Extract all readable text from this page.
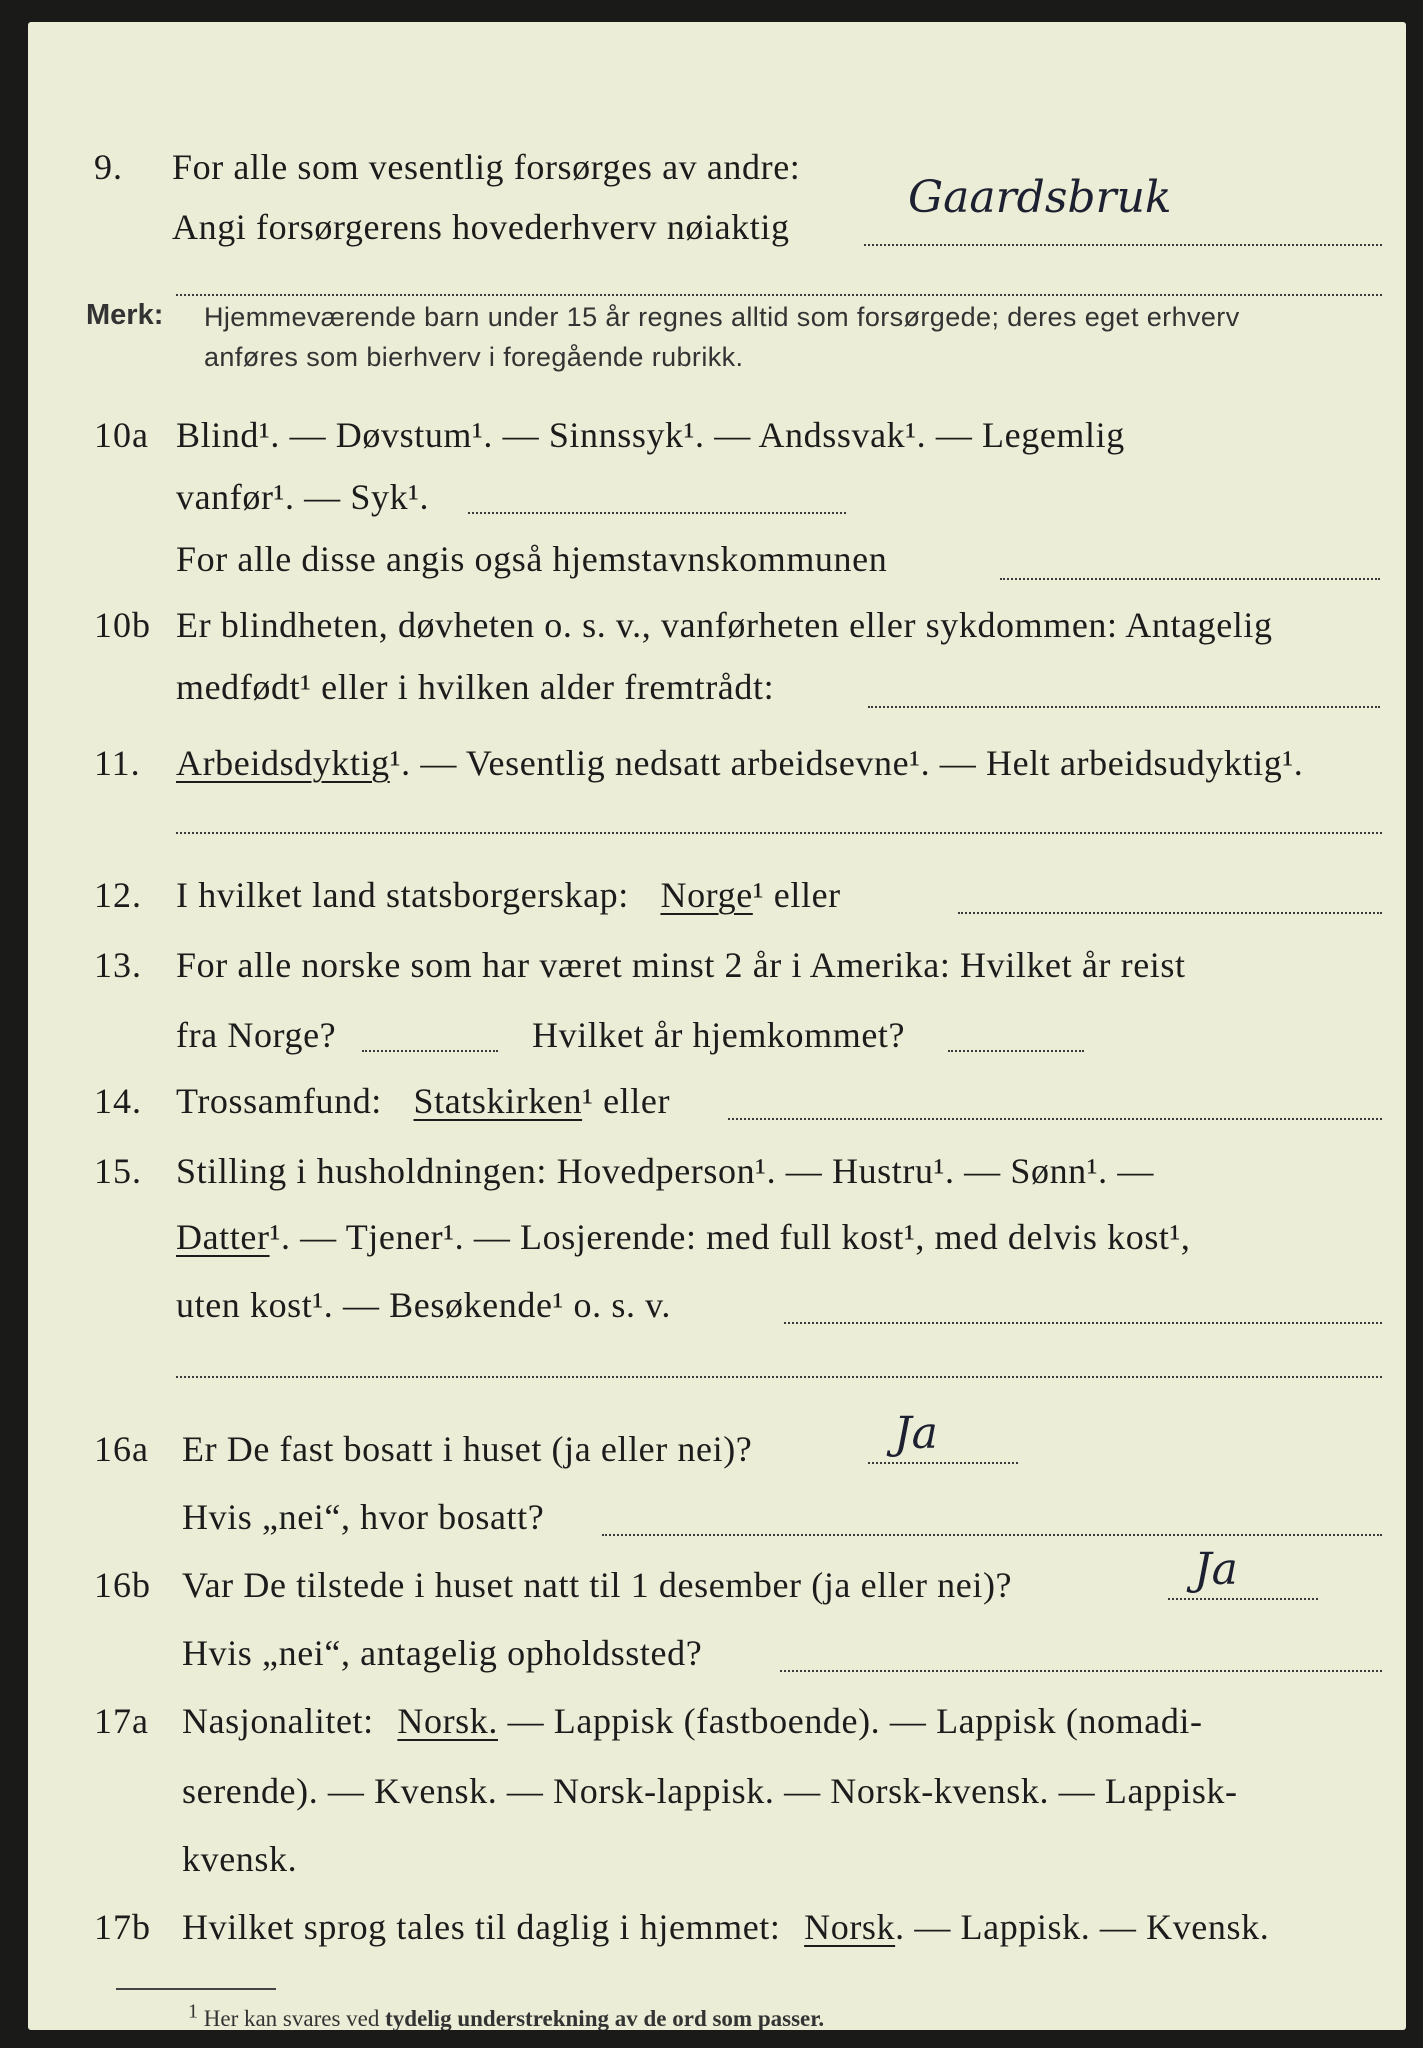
9.	For alle som vesentlig forsørges av andre:
Angi forsørgerens hovederhverv nøiaktig
Gaardsbruk
Merk: Hjemmeværende barn under 15 år regnes alltid som forsørgede; deres eget erhverv
anføres som bierhverv i foregående rubrikk.
10a Blind¹. — Døvstum¹. — Sinnssyk¹. — Andssvak¹. — Legemlig
vanfør¹. — Syk¹.
For alle disse angis også hjemstavnskommunen
10b Er blindheten, døvheten o. s. v., vanførheten eller sykdommen: Antagelig
medfødt¹ eller i hvilken alder fremtrådt:
11. Arbeidsdyktig¹. — Vesentlig nedsatt arbeidsevne¹. — Helt arbeidsudyktig¹.
12. I hvilket land statsborgerskap: Norge¹ eller
13. For alle norske som har været minst 2 år i Amerika: Hvilket år reist
fra Norge?	Hvilket år hjemkommet?
14. Trossamfund: Statskirken¹ eller
15. Stilling i husholdningen: Hovedperson¹. — Hustru¹. — Sønn¹. —
Datter¹. — Tjener¹. — Losjerende: med full kost¹, med delvis kost¹,
uten kost¹. — Besøkende¹ o. s. v.
16a Er De fast bosatt i huset (ja eller nei)?	Ja
Hvis „nei“, hvor bosatt?
16b Var De tilstede i huset natt til 1 desember (ja eller nei)?	Ja
Hvis „nei“, antagelig opholdssted?
17a Nasjonalitet: Norsk. — Lappisk (fastboende). — Lappisk (nomadi-
serende). — Kvensk. — Norsk-lappisk. — Norsk-kvensk. — Lappisk-
kvensk.
17b Hvilket sprog tales til daglig i hjemmet: Norsk. — Lappisk. — Kvensk.
1 Her kan svares ved tydelig understrekning av de ord som passer.
